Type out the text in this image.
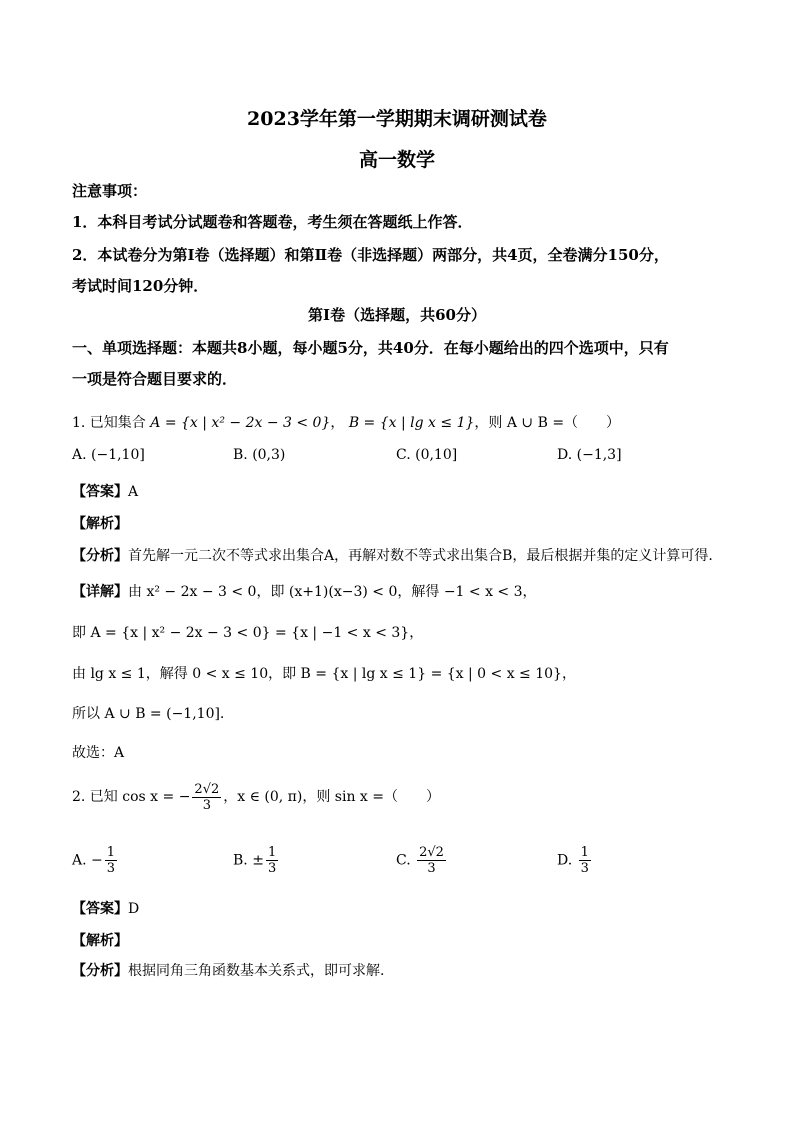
2023学年第一学期期末调研测试卷
高一数学
注意事项：
1．本科目考试分试题卷和答题卷，考生须在答题纸上作答．
2．本试卷分为第Ⅰ卷（选择题）和第Ⅱ卷（非选择题）两部分，共4页，全卷满分150分，
考试时间120分钟．
第Ⅰ卷（选择题，共60分）
一、单项选择题：本题共8小题，每小题5分，共40分．在每小题给出的四个选项中，只有
一项是符合题目要求的．
1. 已知集合 A = {x | x² − 2x − 3 < 0}， B = {x | lg x ≤ 1}，则 A ∪ B =（　　）
A. (−1,10]	B. (0,3)	C. (0,10]	D. (−1,3]
【答案】A
【解析】
【分析】首先解一元二次不等式求出集合A，再解对数不等式求出集合B，最后根据并集的定义计算可得.
【详解】由 x² − 2x − 3 < 0，即 (x+1)(x−3) < 0，解得 −1 < x < 3，
即 A = {x | x² − 2x − 3 < 0} = {x | −1 < x < 3}，
由 lg x ≤ 1，解得 0 < x ≤ 10，即 B = {x | lg x ≤ 1} = {x | 0 < x ≤ 10}，
所以 A ∪ B = (−1,10].
故选：A
2. 已知 cos x = − $\frac{2√2}{3}$ ，x ∈ (0, π)，则 sin x =（　　）
A. − $\frac{1}{3}$	B. ± $\frac{1}{3}$	C. $\frac{2√2}{3}$	D. $\frac{1}{3}$
【答案】D
【解析】
【分析】根据同角三角函数基本关系式，即可求解.
